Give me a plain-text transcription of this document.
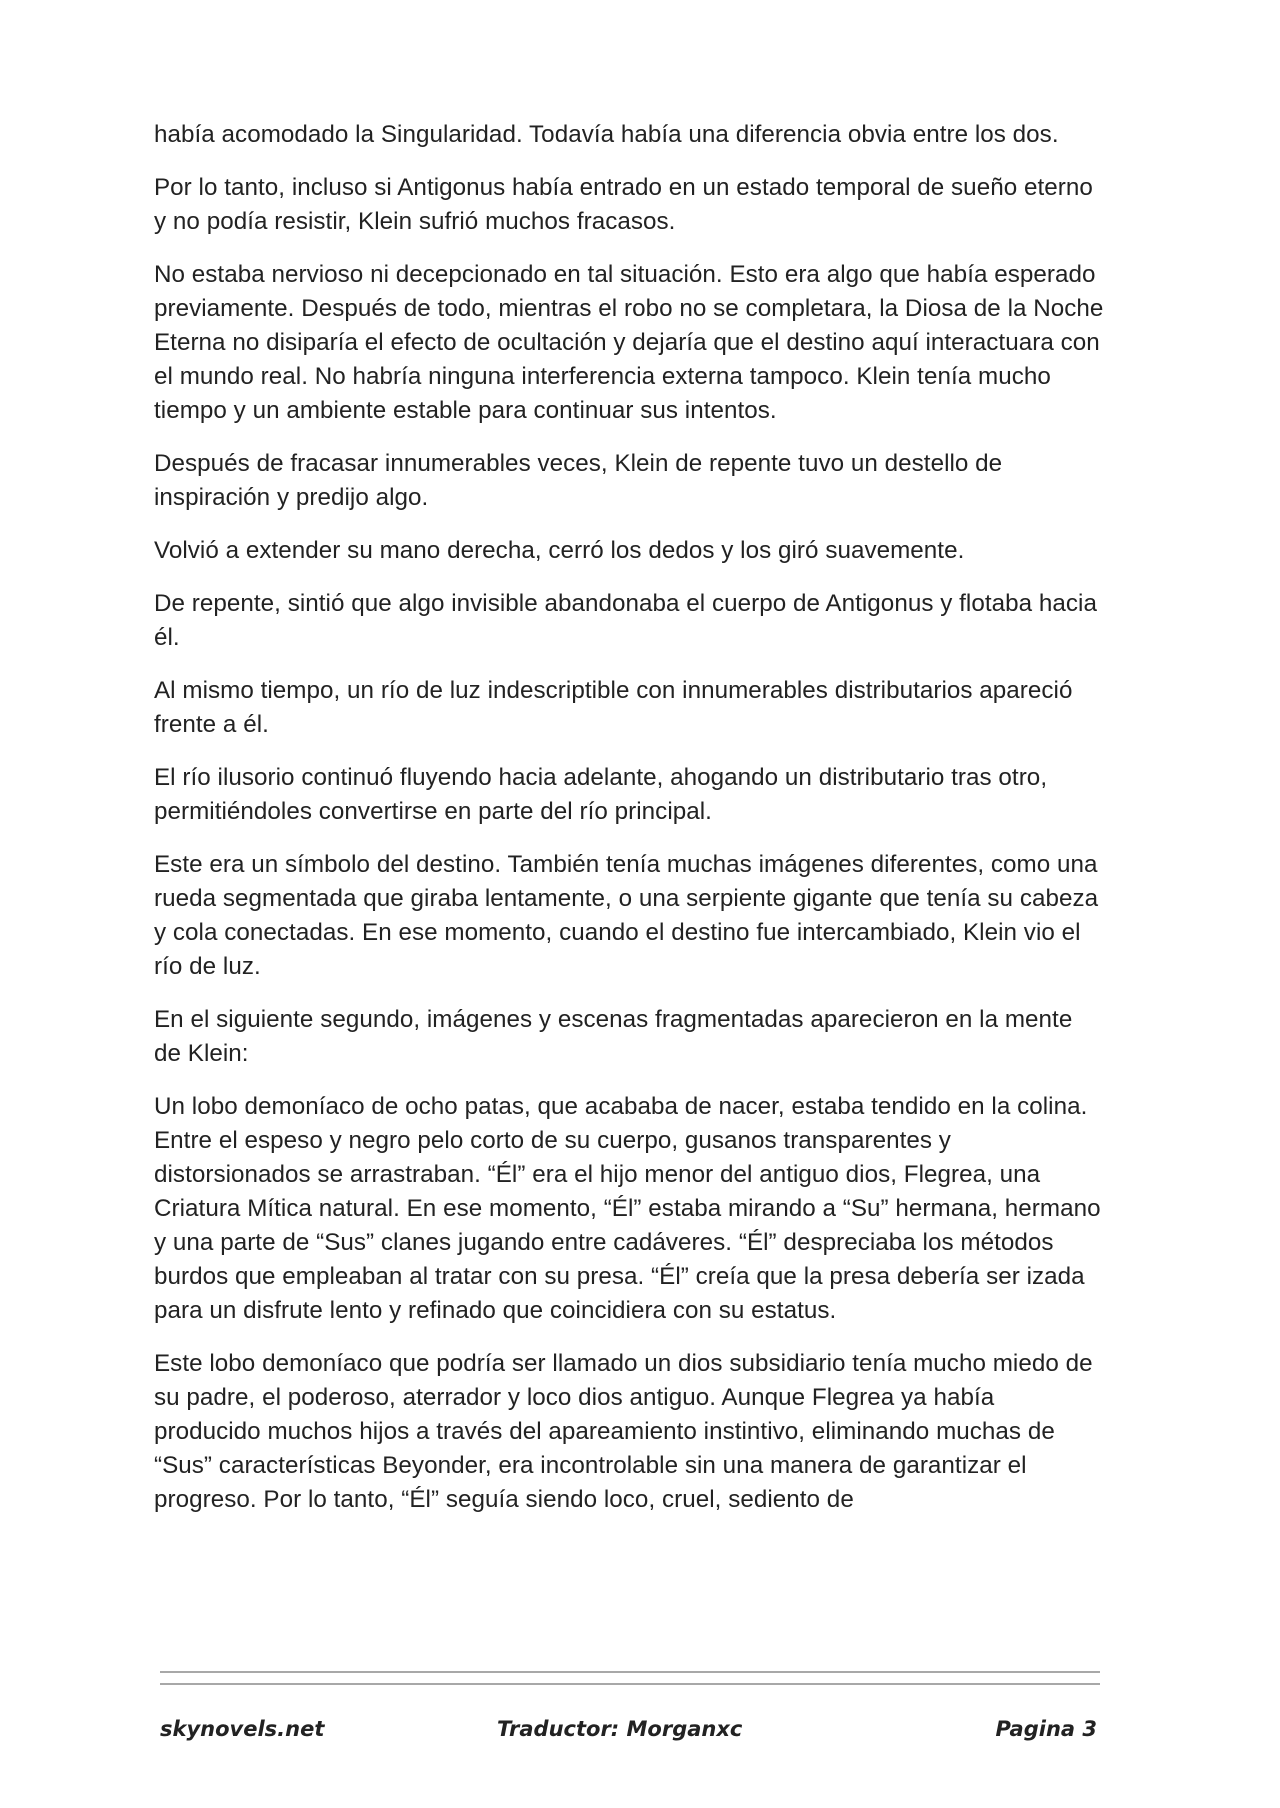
había acomodado la Singularidad. Todavía había una diferencia obvia entre los dos.

Por lo tanto, incluso si Antigonus había entrado en un estado temporal de sueño eterno y no podía resistir, Klein sufrió muchos fracasos.

No estaba nervioso ni decepcionado en tal situación. Esto era algo que había esperado previamente. Después de todo, mientras el robo no se completara, la Diosa de la Noche Eterna no disiparía el efecto de ocultación y dejaría que el destino aquí interactuara con el mundo real. No habría ninguna interferencia externa tampoco. Klein tenía mucho tiempo y un ambiente estable para continuar sus intentos.

Después de fracasar innumerables veces, Klein de repente tuvo un destello de inspiración y predijo algo.

Volvió a extender su mano derecha, cerró los dedos y los giró suavemente.

De repente, sintió que algo invisible abandonaba el cuerpo de Antigonus y flotaba hacia él.

Al mismo tiempo, un río de luz indescriptible con innumerables distributarios apareció frente a él.

El río ilusorio continuó fluyendo hacia adelante, ahogando un distributario tras otro, permitiéndoles convertirse en parte del río principal.

Este era un símbolo del destino. También tenía muchas imágenes diferentes, como una rueda segmentada que giraba lentamente, o una serpiente gigante que tenía su cabeza y cola conectadas. En ese momento, cuando el destino fue intercambiado, Klein vio el río de luz.

En el siguiente segundo, imágenes y escenas fragmentadas aparecieron en la mente de Klein:

Un lobo demoníaco de ocho patas, que acababa de nacer, estaba tendido en la colina. Entre el espeso y negro pelo corto de su cuerpo, gusanos transparentes y distorsionados se arrastraban. “Él” era el hijo menor del antiguo dios, Flegrea, una Criatura Mítica natural. En ese momento, “Él” estaba mirando a “Su” hermana, hermano y una parte de “Sus” clanes jugando entre cadáveres. “Él” despreciaba los métodos burdos que empleaban al tratar con su presa. “Él” creía que la presa debería ser izada para un disfrute lento y refinado que coincidiera con su estatus.

Este lobo demoníaco que podría ser llamado un dios subsidiario tenía mucho miedo de su padre, el poderoso, aterrador y loco dios antiguo. Aunque Flegrea ya había producido muchos hijos a través del apareamiento instintivo, eliminando muchas de “Sus” características Beyonder, era incontrolable sin una manera de garantizar el progreso. Por lo tanto, “Él” seguía siendo loco, cruel, sediento de

skynovels.net	Traductor: Morganxc	Pagina 3
